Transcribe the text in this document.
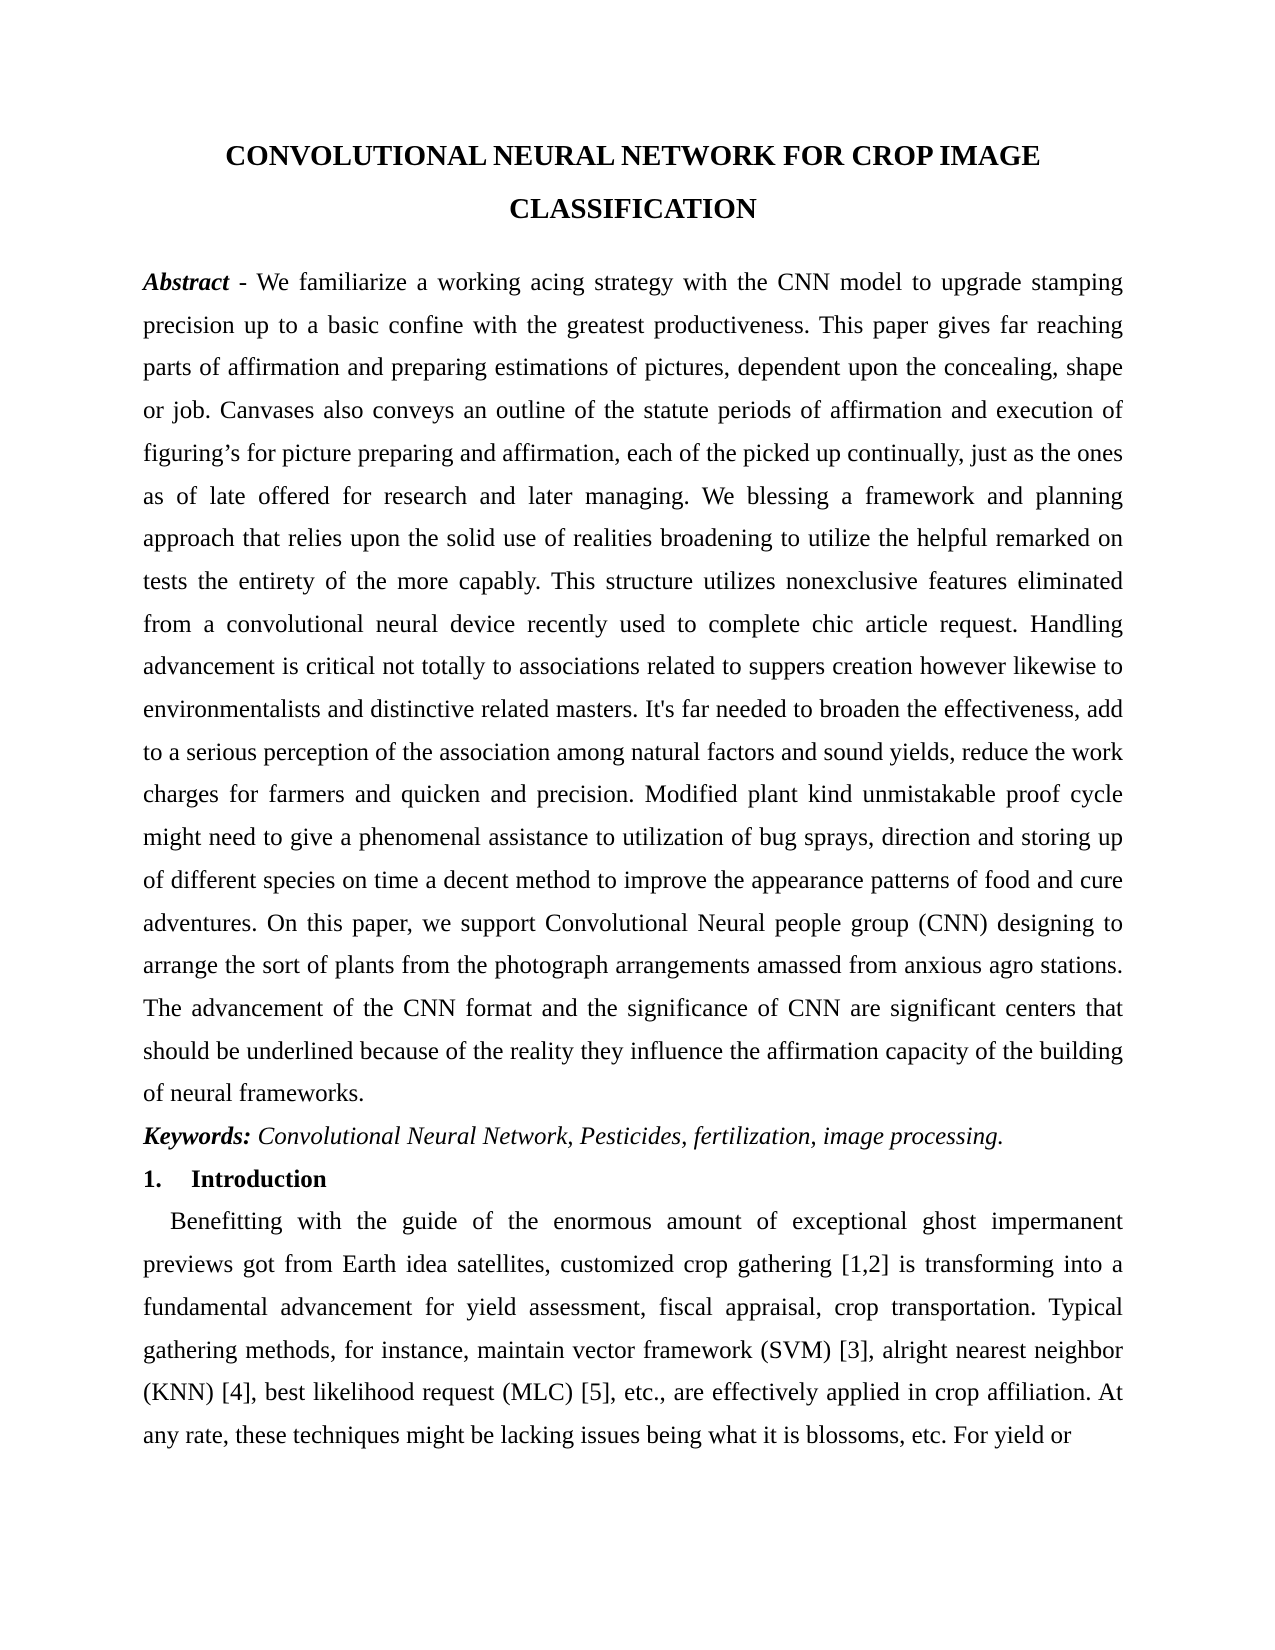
CONVOLUTIONAL NEURAL NETWORK FOR CROP IMAGE CLASSIFICATION

Abstract - We familiarize a working acing strategy with the CNN model to upgrade stamping precision up to a basic confine with the greatest productiveness. This paper gives far reaching parts of affirmation and preparing estimations of pictures, dependent upon the concealing, shape or job. Canvases also conveys an outline of the statute periods of affirmation and execution of figuring’s for picture preparing and affirmation, each of the picked up continually, just as the ones as of late offered for research and later managing. We blessing a framework and planning approach that relies upon the solid use of realities broadening to utilize the helpful remarked on tests the entirety of the more capably. This structure utilizes nonexclusive features eliminated from a convolutional neural device recently used to complete chic article request. Handling advancement is critical not totally to associations related to suppers creation however likewise to environmentalists and distinctive related masters. It's far needed to broaden the effectiveness, add to a serious perception of the association among natural factors and sound yields, reduce the work charges for farmers and quicken and precision. Modified plant kind unmistakable proof cycle might need to give a phenomenal assistance to utilization of bug sprays, direction and storing up of different species on time a decent method to improve the appearance patterns of food and cure adventures. On this paper, we support Convolutional Neural people group (CNN) designing to arrange the sort of plants from the photograph arrangements amassed from anxious agro stations. The advancement of the CNN format and the significance of CNN are significant centers that should be underlined because of the reality they influence the affirmation capacity of the building of neural frameworks.

Keywords: Convolutional Neural Network, Pesticides, fertilization, image processing.

1. Introduction

Benefitting with the guide of the enormous amount of exceptional ghost impermanent previews got from Earth idea satellites, customized crop gathering [1,2] is transforming into a fundamental advancement for yield assessment, fiscal appraisal, crop transportation. Typical gathering methods, for instance, maintain vector framework (SVM) [3], alright nearest neighbor (KNN) [4], best likelihood request (MLC) [5], etc., are effectively applied in crop affiliation. At any rate, these techniques might be lacking issues being what it is blossoms, etc. For yield or
